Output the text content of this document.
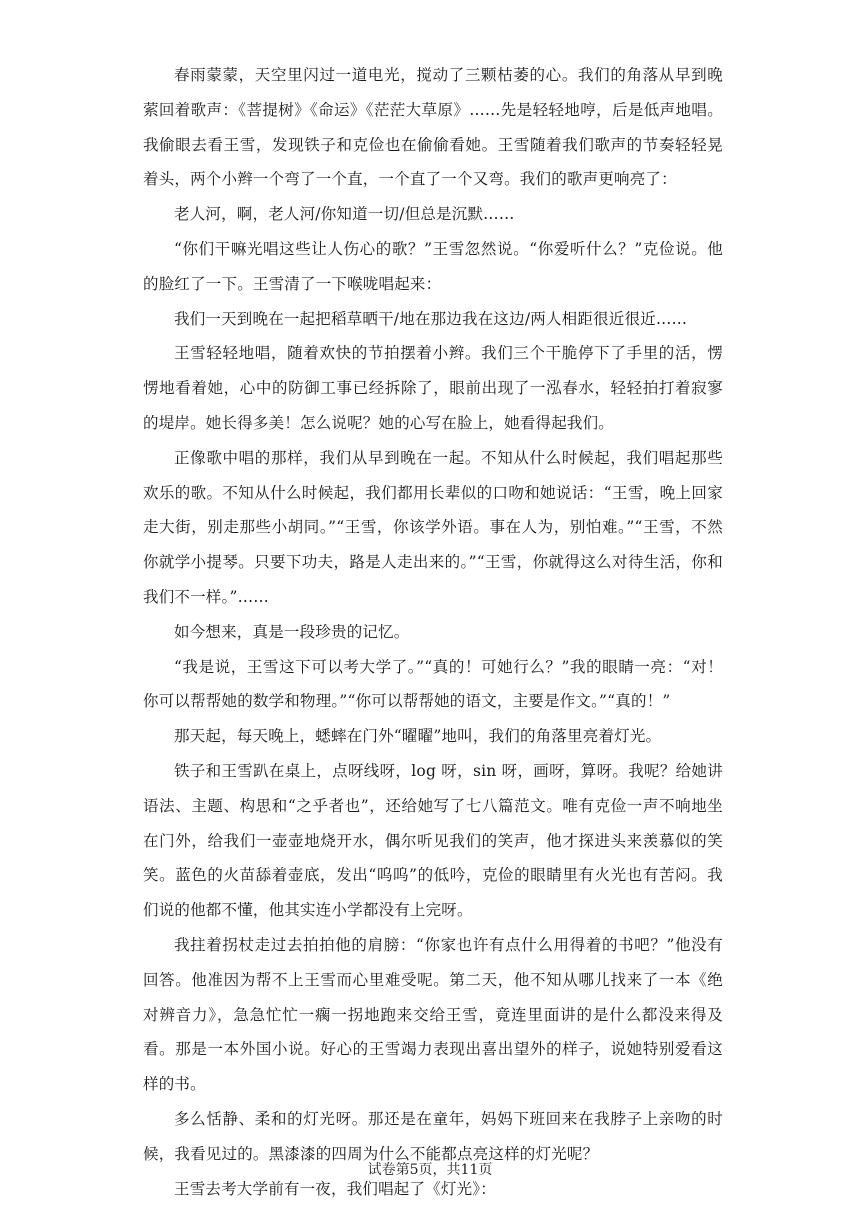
春雨蒙蒙，天空里闪过一道电光，搅动了三颗枯萎的心。我们的角落从早到晚萦回着歌声：《菩提树》《命运》《茫茫大草原》……先是轻轻地哼，后是低声地唱。我偷眼去看王雪，发现铁子和克俭也在偷偷看她。王雪随着我们歌声的节奏轻轻晃着头，两个小辫一个弯了一个直，一个直了一个又弯。我们的歌声更响亮了：

老人河，啊，老人河/你知道一切/但总是沉默……

“你们干嘛光唱这些让人伤心的歌？”王雪忽然说。“你爱听什么？”克俭说。他的脸红了一下。王雪清了一下喉咙唱起来：

我们一天到晚在一起把稻草晒干/地在那边我在这边/两人相距很近很近……

王雪轻轻地唱，随着欢快的节拍摆着小辫。我们三个干脆停下了手里的活，愣愣地看着她，心中的防御工事已经拆除了，眼前出现了一泓春水，轻轻拍打着寂寥的堤岸。她长得多美！怎么说呢？她的心写在脸上，她看得起我们。

正像歌中唱的那样，我们从早到晚在一起。不知从什么时候起，我们唱起那些欢乐的歌。不知从什么时候起，我们都用长辈似的口吻和她说话：“王雪，晚上回家走大街，别走那些小胡同。”“王雪，你该学外语。事在人为，别怕难。”“王雪，不然你就学小提琴。只要下功夫，路是人走出来的。”“王雪，你就得这么对待生活，你和我们不一样。”……

如今想来，真是一段珍贵的记忆。

“我是说，王雪这下可以考大学了。”“真的！可她行么？”我的眼睛一亮：“对！你可以帮帮她的数学和物理。”“你可以帮帮她的语文，主要是作文。”“真的！”

那天起，每天晚上，蟋蟀在门外“曜曜”地叫，我们的角落里亮着灯光。

铁子和王雪趴在桌上，点呀线呀，log 呀，sin 呀，画呀，算呀。我呢？给她讲语法、主题、构思和“之乎者也”，还给她写了七八篇范文。唯有克俭一声不响地坐在门外，给我们一壶壶地烧开水，偶尔听见我们的笑声，他才探进头来羡慕似的笑笑。蓝色的火苗舔着壶底，发出“呜呜”的低吟，克俭的眼睛里有火光也有苦闷。我们说的他都不懂，他其实连小学都没有上完呀。

我拄着拐杖走过去拍拍他的肩膀：“你家也许有点什么用得着的书吧？”他没有回答。他准因为帮不上王雪而心里难受呢。第二天，他不知从哪儿找来了一本《绝对辨音力》，急急忙忙一瘸一拐地跑来交给王雪，竟连里面讲的是什么都没来得及看。那是一本外国小说。好心的王雪竭力表现出喜出望外的样子，说她特别爱看这样的书。

多么恬静、柔和的灯光呀。那还是在童年，妈妈下班回来在我脖子上亲吻的时候，我看见过的。黑漆漆的四周为什么不能都点亮这样的灯光呢？

王雪去考大学前有一夜，我们唱起了《灯光》：

试卷第5页，共11页
